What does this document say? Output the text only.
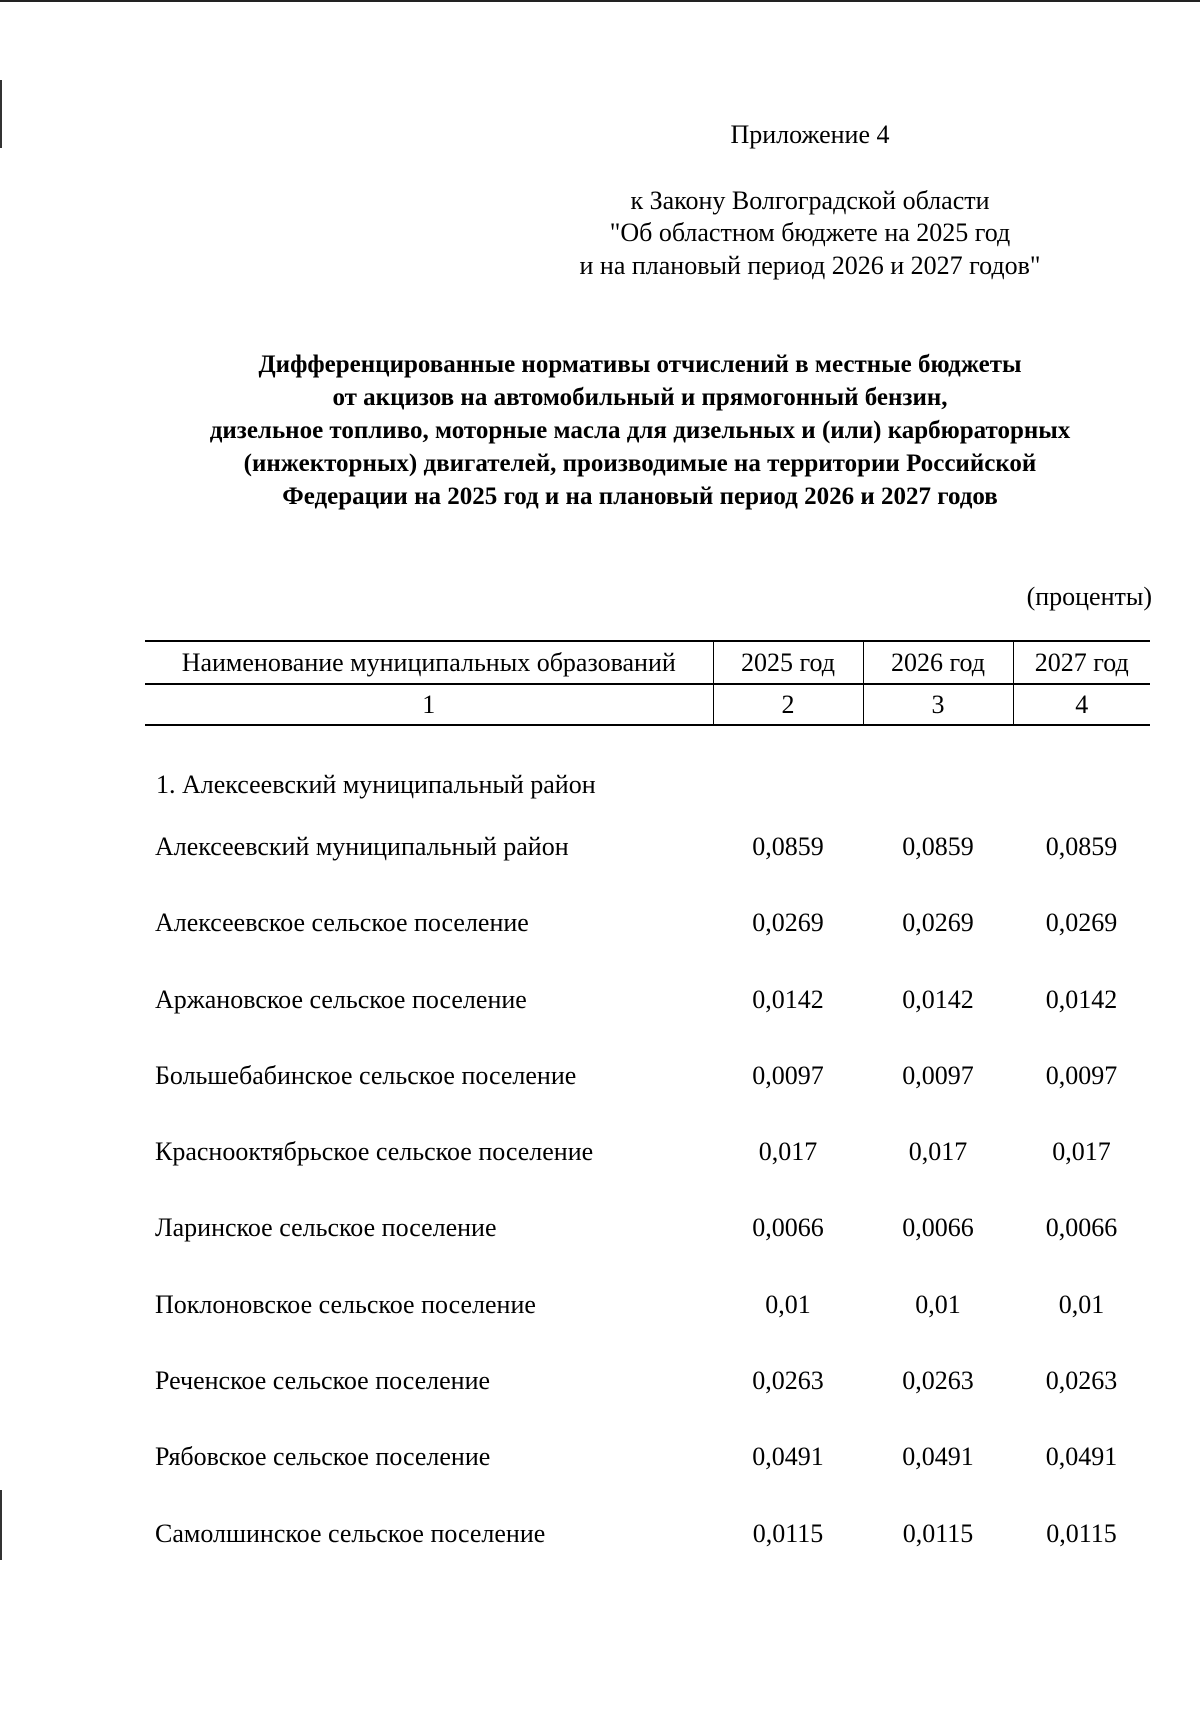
Приложение 4
к Закону Волгоградской области
"Об областном бюджете на 2025 год
и на плановый период 2026 и 2027 годов"
Дифференцированные нормативы отчислений в местные бюджеты
от акцизов на автомобильный и прямогонный бензин,
дизельное топливо, моторные масла для дизельных и (или) карбюраторных
(инжекторных) двигателей, производимые на территории Российской
Федерации на 2025 год и на плановый период 2026 и 2027 годов
(проценты)
Наименование муниципальных образований	2025 год	2026 год	2027 год
1	2	3	4
1. Алексеевский муниципальный район
Алексеевский муниципальный район	0,0859	0,0859	0,0859
Алексеевское сельское поселение	0,0269	0,0269	0,0269
Аржановское сельское поселение	0,0142	0,0142	0,0142
Большебабинское сельское поселение	0,0097	0,0097	0,0097
Краснооктябрьское сельское поселение	0,017	0,017	0,017
Ларинское сельское поселение	0,0066	0,0066	0,0066
Поклоновское сельское поселение	0,01	0,01	0,01
Реченское сельское поселение	0,0263	0,0263	0,0263
Рябовское сельское поселение	0,0491	0,0491	0,0491
Самолшинское сельское поселение	0,0115	0,0115	0,0115
